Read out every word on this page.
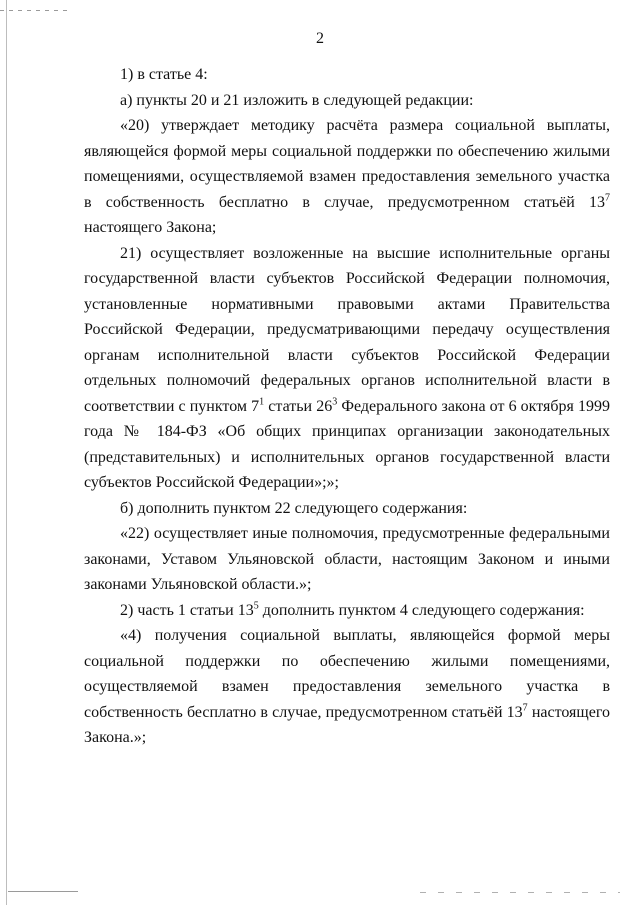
2

1) в статье 4:

а) пункты 20 и 21 изложить в следующей редакции:

«20) утверждает методику расчёта размера социальной выплаты, являющейся формой меры социальной поддержки по обеспечению жилыми помещениями, осуществляемой взамен предоставления земельного участка в собственность бесплатно в случае, предусмотренном статьёй $13^7$ настоящего Закона;

21) осуществляет возложенные на высшие исполнительные органы государственной власти субъектов Российской Федерации полномочия, установленные нормативными правовыми актами Правительства Российской Федерации, предусматривающими передачу осуществления органам исполнительной власти субъектов Российской Федерации отдельных полномочий федеральных органов исполнительной власти в соответствии с пунктом $7^1$ статьи $26^3$ Федерального закона от 6 октября 1999 года № 184-ФЗ «Об общих принципах организации законодательных (представительных) и исполнительных органов государственной власти субъектов Российской Федерации»;»;

б) дополнить пунктом 22 следующего содержания:

«22) осуществляет иные полномочия, предусмотренные федеральными законами, Уставом Ульяновской области, настоящим Законом и иными законами Ульяновской области.»;

2) часть 1 статьи $13^5$ дополнить пунктом 4 следующего содержания:

«4) получения социальной выплаты, являющейся формой меры социальной поддержки по обеспечению жилыми помещениями, осуществляемой взамен предоставления земельного участка в собственность бесплатно в случае, предусмотренном статьёй $13^7$ настоящего Закона.»;
